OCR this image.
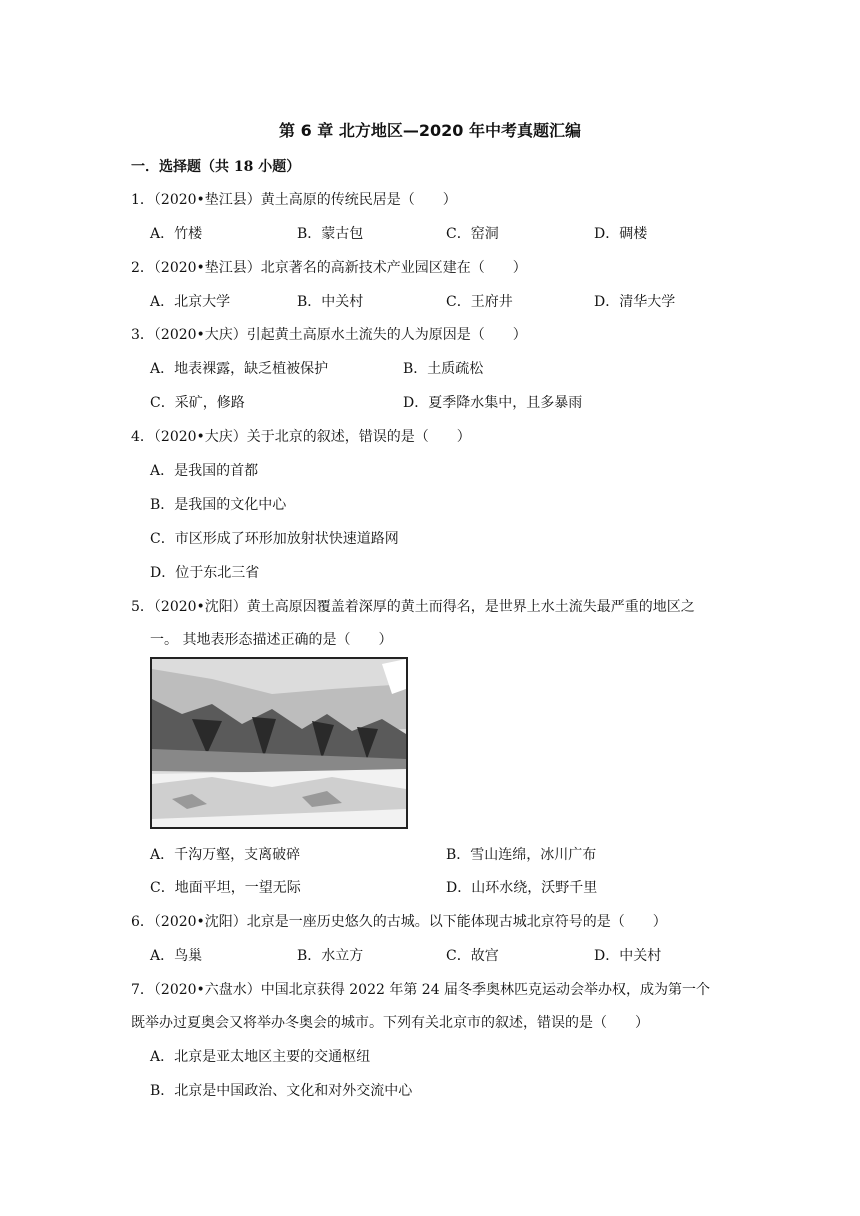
第 6 章 北方地区—2020 年中考真题汇编
一．选择题（共 18 小题）
1．（2020•垫江县）黄土高原的传统民居是（　　）
A．竹楼	B．蒙古包	C．窑洞	D．碉楼
2．（2020•垫江县）北京著名的高新技术产业园区建在（　　）
A．北京大学	B．中关村	C．王府井	D．清华大学
3．（2020•大庆）引起黄土高原水土流失的人为原因是（　　）
A．地表裸露，缺乏植被保护	B．土质疏松
C．采矿，修路	D．夏季降水集中，且多暴雨
4．（2020•大庆）关于北京的叙述，错误的是（　　）
A．是我国的首都
B．是我国的文化中心
C．市区形成了环形加放射状快速道路网
D．位于东北三省
5．（2020•沈阳）黄土高原因覆盖着深厚的黄土而得名，是世界上水土流失最严重的地区之
一。 其地表形态描述正确的是（　　）
A．千沟万壑，支离破碎	B．雪山连绵，冰川广布
C．地面平坦，一望无际	D．山环水绕，沃野千里
6．（2020•沈阳）北京是一座历史悠久的古城。以下能体现古城北京符号的是（　　）
A．鸟巢	B．水立方	C．故宫	D．中关村
7．（2020•六盘水）中国北京获得 2022 年第 24 届冬季奥林匹克运动会举办权，成为第一个
既举办过夏奥会又将举办冬奥会的城市。下列有关北京市的叙述，错误的是（　　）
A．北京是亚太地区主要的交通枢纽
B．北京是中国政治、文化和对外交流中心
